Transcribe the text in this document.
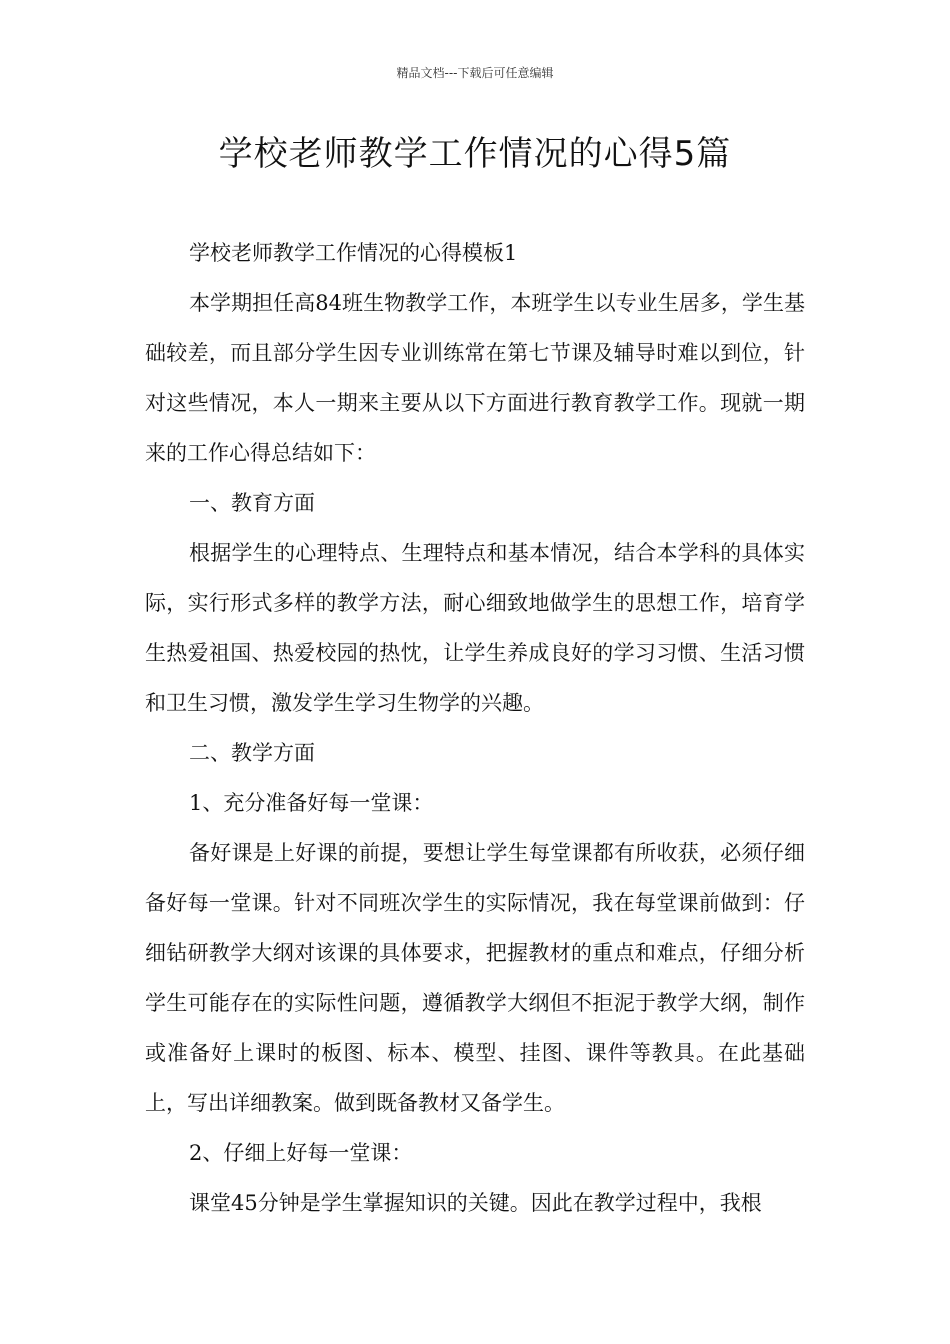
精品文档---下载后可任意编辑
学校老师教学工作情况的心得5篇

学校老师教学工作情况的心得模板1

本学期担任高84班生物教学工作，本班学生以专业生居多，学生基础较差，而且部分学生因专业训练常在第七节课及辅导时难以到位，针对这些情况，本人一期来主要从以下方面进行教育教学工作。现就一期来的工作心得总结如下：

一、教育方面

根据学生的心理特点、生理特点和基本情况，结合本学科的具体实际，实行形式多样的教学方法，耐心细致地做学生的思想工作，培育学生热爱祖国、热爱校园的热忱，让学生养成良好的学习习惯、生活习惯和卫生习惯，激发学生学习生物学的兴趣。

二、教学方面

1、充分准备好每一堂课：

备好课是上好课的前提，要想让学生每堂课都有所收获，必须仔细备好每一堂课。针对不同班次学生的实际情况，我在每堂课前做到：仔细钻研教学大纲对该课的具体要求，把握教材的重点和难点，仔细分析学生可能存在的实际性问题，遵循教学大纲但不拒泥于教学大纲，制作或准备好上课时的板图、标本、模型、挂图、课件等教具。在此基础上，写出详细教案。做到既备教材又备学生。

2、仔细上好每一堂课：

课堂45分钟是学生掌握知识的关键。因此在教学过程中，我根
